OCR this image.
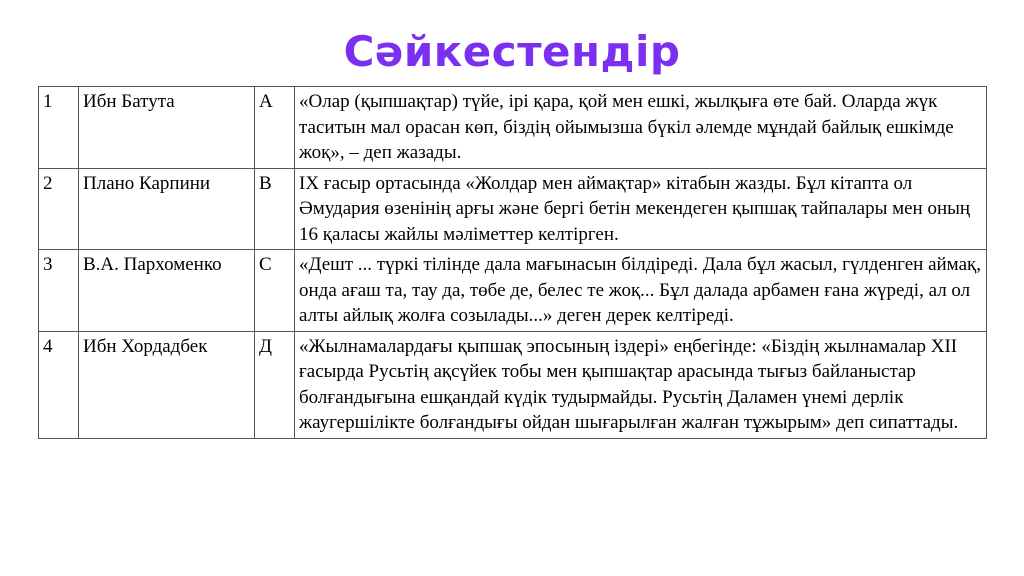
Сәйкестендір
1	Ибн Батута	А	«Олар (қыпшақтар) түйе, ірі қара, қой мен ешкі, жылқыға өте бай. Оларда жүк таситын мал орасан көп, біздің ойымызша бүкіл әлемде мұндай байлық ешкімде жоқ», – деп жазады.
2	Плано Карпини	В	IX ғасыр ортасында «Жолдар мен аймақтар» кітабын жазды. Бұл кітапта ол Әмудария өзенінің арғы және бергі бетін мекендеген қыпшақ тайпалары мен оның 16 қаласы жайлы мәліметтер келтірген.
3	В.А. Пархоменко	С	«Дешт ... түркі тілінде дала мағынасын білдіреді. Дала бұл жасыл, гүлденген аймақ, онда ағаш та, тау да, төбе де, белес те жоқ... Бұл далада арбамен ғана жүреді, ал ол алты айлық жолға созылады...» деген дерек келтіреді.
4	Ибн Хордадбек	Д	«Жылнамалардағы қыпшақ эпосының іздері» еңбегінде: «Біздің жылнамалар XII ғасырда Русьтің ақсүйек тобы мен қыпшақтар арасында тығыз байланыстар болғандығына ешқандай күдік тудырмайды. Русьтің Даламен үнемі дерлік жаугершілікте болғандығы ойдан шығарылған жалған тұжырым» деп сипаттады.
